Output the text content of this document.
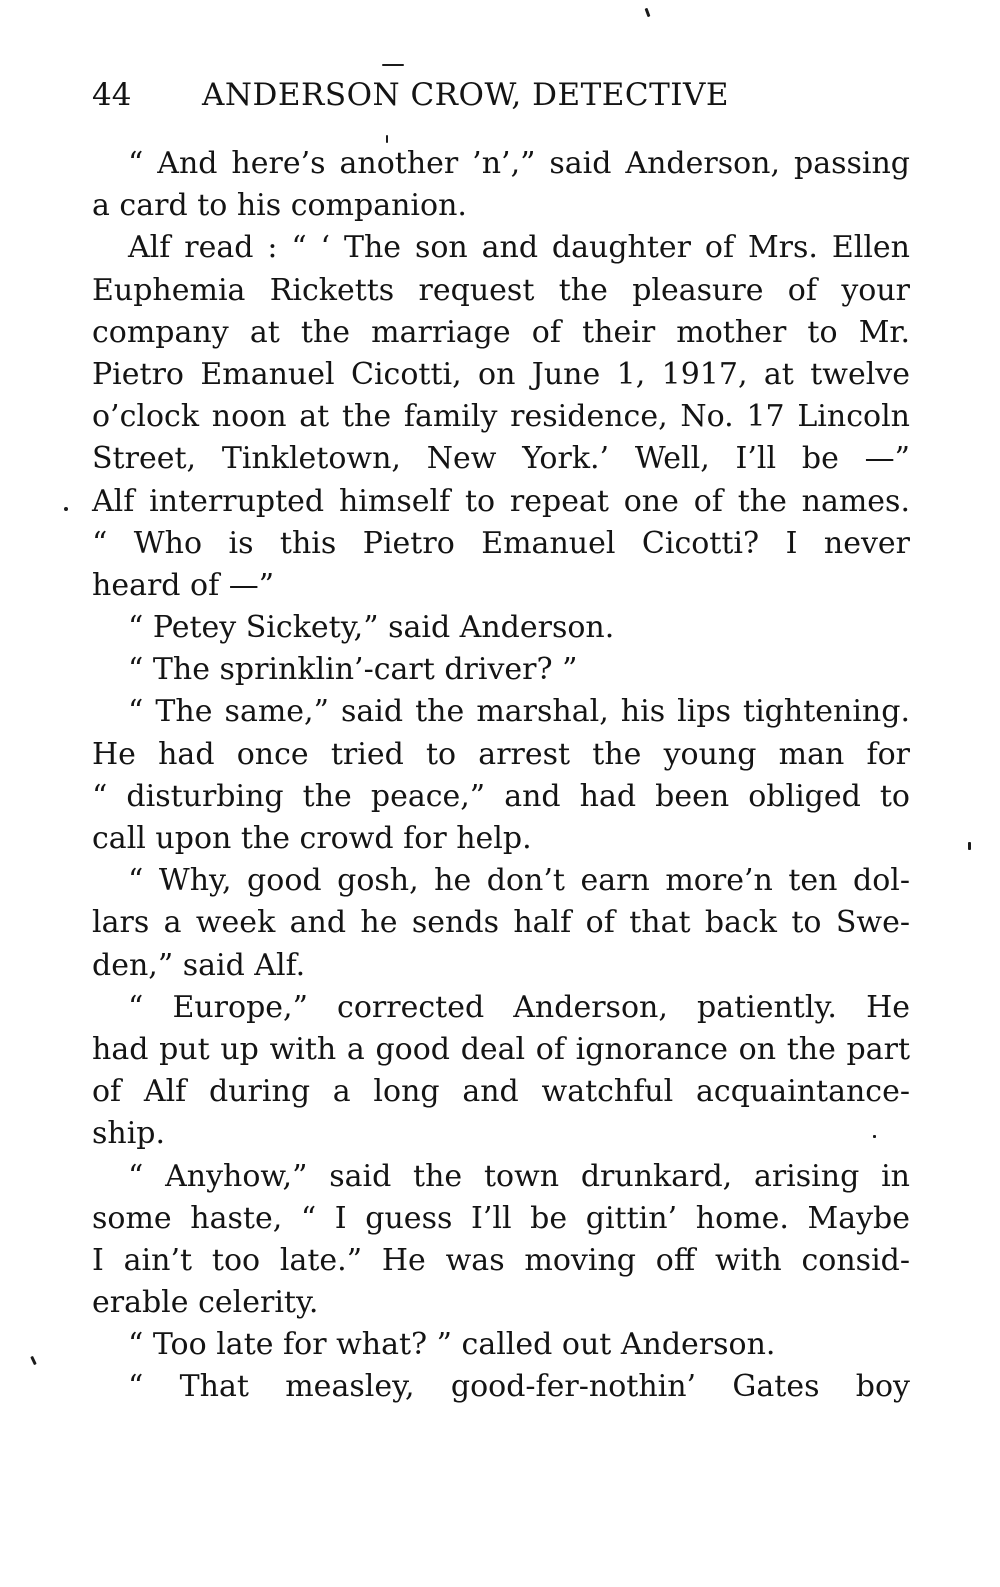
44 ANDERSON CROW, DETECTIVE
“ And here’s another ’n’,” said Anderson, passing
a card to his companion.
Alf read : “ ‘ The son and daughter of Mrs. Ellen
Euphemia Ricketts request the pleasure of your
company at the marriage of their mother to Mr.
Pietro Emanuel Cicotti, on June 1, 1917, at twelve
o’clock noon at the family residence, No. 17 Lincoln
Street, Tinkletown, New York.’ Well, I’ll be —”
Alf interrupted himself to repeat one of the names.
“ Who is this Pietro Emanuel Cicotti? I never
heard of —”
“ Petey Sickety,” said Anderson.
“ The sprinklin’-cart driver? ”
“ The same,” said the marshal, his lips tightening.
He had once tried to arrest the young man for
“ disturbing the peace,” and had been obliged to
call upon the crowd for help.
“ Why, good gosh, he don’t earn more’n ten dol-
lars a week and he sends half of that back to Swe-
den,” said Alf.
“ Europe,” corrected Anderson, patiently. He
had put up with a good deal of ignorance on the part
of Alf during a long and watchful acquaintance-
ship.
“ Anyhow,” said the town drunkard, arising in
some haste, “ I guess I’ll be gittin’ home. Maybe
I ain’t too late.” He was moving off with consid-
erable celerity.
“ Too late for what? ” called out Anderson.
“ That measley, good-fer-nothin’ Gates boy
